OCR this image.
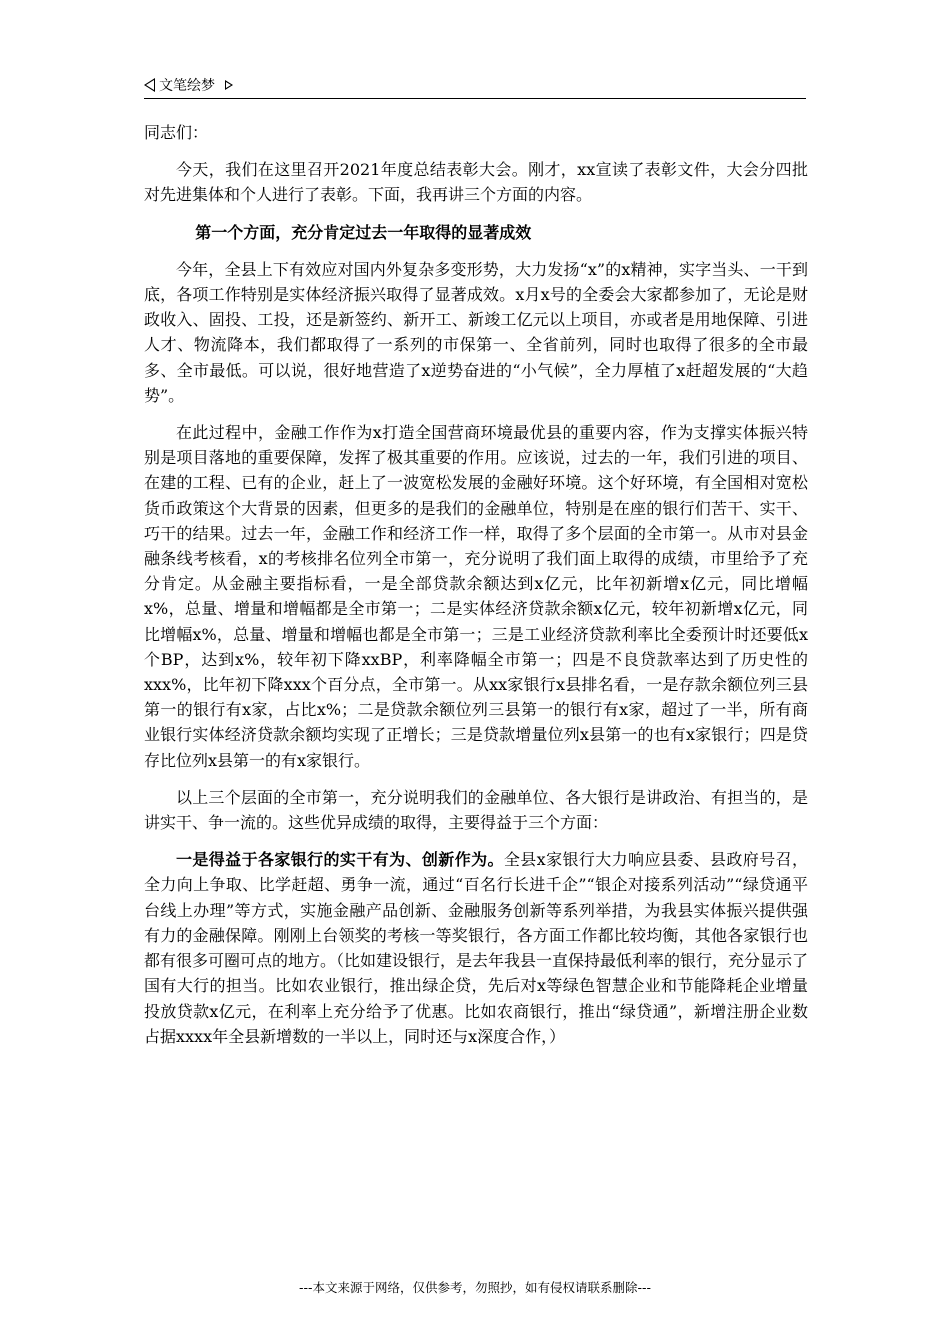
文笔绘梦

同志们：

今天，我们在这里召开2021年度总结表彰大会。刚才，xx宣读了表彰文件，大会分四批对先进集体和个人进行了表彰。下面，我再讲三个方面的内容。

第一个方面，充分肯定过去一年取得的显著成效

今年，全县上下有效应对国内外复杂多变形势，大力发扬“x”的x精神，实字当头、一干到底，各项工作特别是实体经济振兴取得了显著成效。x月x号的全委会大家都参加了，无论是财政收入、固投、工投，还是新签约、新开工、新竣工亿元以上项目，亦或者是用地保障、引进人才、物流降本，我们都取得了一系列的市保第一、全省前列，同时也取得了很多的全市最多、全市最低。可以说，很好地营造了x逆势奋进的“小气候”，全力厚植了x赶超发展的“大趋势”。

在此过程中，金融工作作为x打造全国营商环境最优县的重要内容，作为支撑实体振兴特别是项目落地的重要保障，发挥了极其重要的作用。应该说，过去的一年，我们引进的项目、在建的工程、已有的企业，赶上了一波宽松发展的金融好环境。这个好环境，有全国相对宽松货币政策这个大背景的因素，但更多的是我们的金融单位，特别是在座的银行们苦干、实干、巧干的结果。过去一年，金融工作和经济工作一样，取得了多个层面的全市第一。从市对县金融条线考核看，x的考核排名位列全市第一，充分说明了我们面上取得的成绩，市里给予了充分肯定。从金融主要指标看，一是全部贷款余额达到x亿元，比年初新增x亿元，同比增幅x%，总量、增量和增幅都是全市第一；二是实体经济贷款余额x亿元，较年初新增x亿元，同比增幅x%，总量、增量和增幅也都是全市第一；三是工业经济贷款利率比全委预计时还要低x个BP，达到x%，较年初下降xxBP，利率降幅全市第一；四是不良贷款率达到了历史性的xxx%，比年初下降xxx个百分点，全市第一。从xx家银行x县排名看，一是存款余额位列三县第一的银行有x家，占比x%；二是贷款余额位列三县第一的银行有x家，超过了一半，所有商业银行实体经济贷款余额均实现了正增长；三是贷款增量位列x县第一的也有x家银行；四是贷存比位列x县第一的有x家银行。

以上三个层面的全市第一，充分说明我们的金融单位、各大银行是讲政治、有担当的，是讲实干、争一流的。这些优异成绩的取得，主要得益于三个方面：

一是得益于各家银行的实干有为、创新作为。全县x家银行大力响应县委、县政府号召，全力向上争取、比学赶超、勇争一流，通过“百名行长进千企”“银企对接系列活动”“绿贷通平台线上办理”等方式，实施金融产品创新、金融服务创新等系列举措，为我县实体振兴提供强有力的金融保障。刚刚上台领奖的考核一等奖银行，各方面工作都比较均衡，其他各家银行也都有很多可圈可点的地方。（比如建设银行，是去年我县一直保持最低利率的银行，充分显示了国有大行的担当。比如农业银行，推出绿企贷，先后对x等绿色智慧企业和节能降耗企业增量投放贷款x亿元，在利率上充分给予了优惠。比如农商银行，推出“绿贷通”，新增注册企业数占据xxxx年全县新增数的一半以上，同时还与x深度合作，）

---本文来源于网络，仅供参考，勿照抄，如有侵权请联系删除---
